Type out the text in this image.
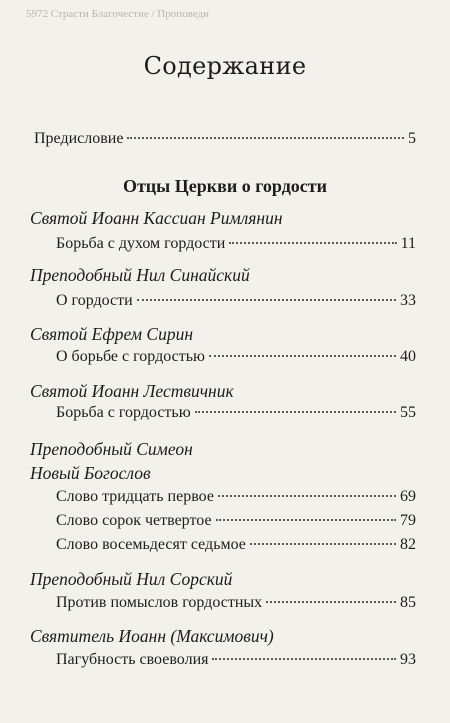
5972 Страсти Благочестие / Проповеди
Содержание
Предисловие	5
Отцы Церкви о гордости
Святой Иоанн Кассиан Римлянин
Борьба с духом гордости	11
Преподобный Нил Синайский
О гордости	33
Святой Ефрем Сирин
О борьбе с гордостью	40
Святой Иоанн Лествичник
Борьба с гордостью	55
Преподобный Симеон
Новый Богослов
Слово тридцать первое	69
Слово сорок четвертое	79
Слово восемьдесят седьмое	82
Преподобный Нил Сорский
Против помыслов гордостных	85
Святитель Иоанн (Максимович)
Пагубность своеволия	93
